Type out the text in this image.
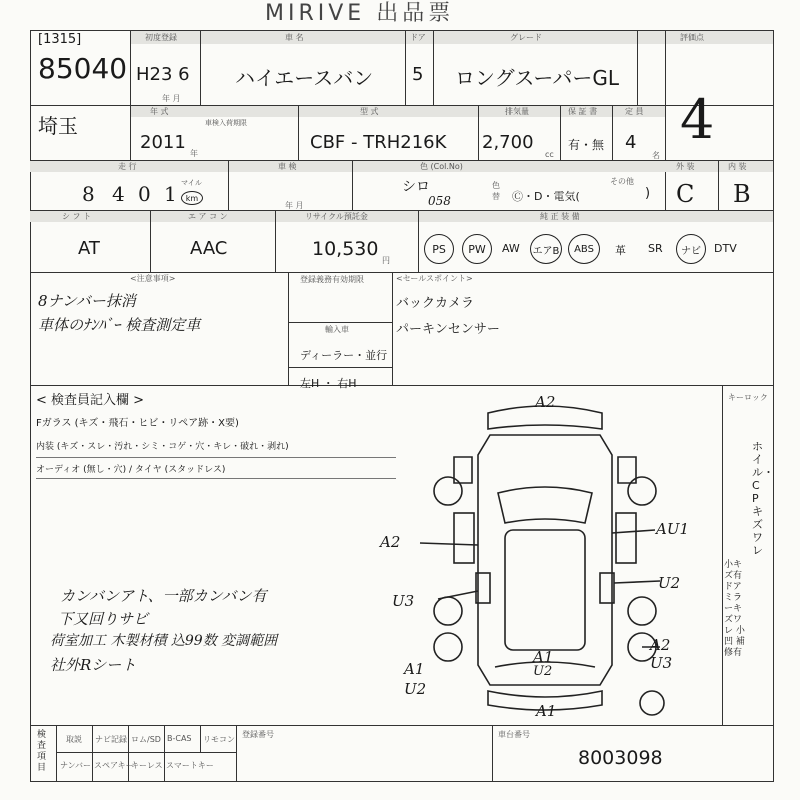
MIRIVE 出品票
[1315]
85040
初度登録
H23 6
年 月
車 名
ハイエースバン
ドア
5
グレード
ロングスーパーGL
評価点
埼玉
年 式
車検入荷期限
2011
年
型 式
CBF - TRH216K
排気量
2,700
cc
保 証 書
有・無
定 員
4
名
4
走 行
8 4 0 1 マイル
km
車 検
年 月
色 (Col.No)
シロ
058
色替 Ⓒ・D・電気(
その他
)
外 装
C
内 装
B
シ フ ト
AT
エ ア コ ン
AAC
リサイクル預託金
10,530
円
純 正 装 備
PS PW AW エアB ABS 革 SR ナビ DTV
<注意事項>
8ナンバー抹消
車体のﾅﾝﾊﾞｰ 検査測定車
登録義務有効期限
輸入車
ディーラー・並行
左H ・ 右H
<セールスポイント>
バックカメラ
パーキンセンサー
< 検査員記入欄 >
Fガラス (キズ・飛石・ヒビ・リペア跡・X要)
内装 (キズ・スレ・汚れ・シミ・コゲ・穴・キレ・破れ・剥れ)
オーディオ (無し・穴) / タイヤ (スタッドレス)
カンバンアト、一部カンバン有
下又回りサビ
荷室加工 木製材積 込99数 変調範囲
社外Rシート
キーロック
ホイル・CPキズワレ
小キズ有 ドアミラーキズワレ 小凹 補修有
A2
A2
AU1
U3
U2
A2
U3
A1
U2
A1
U2
A1
検査項目
取説 ナビ記録 ロム/SD B-CAS リモコン
ナンバー スペアキー
キーレス スマートキー
登録番号	車台番号
8003098
